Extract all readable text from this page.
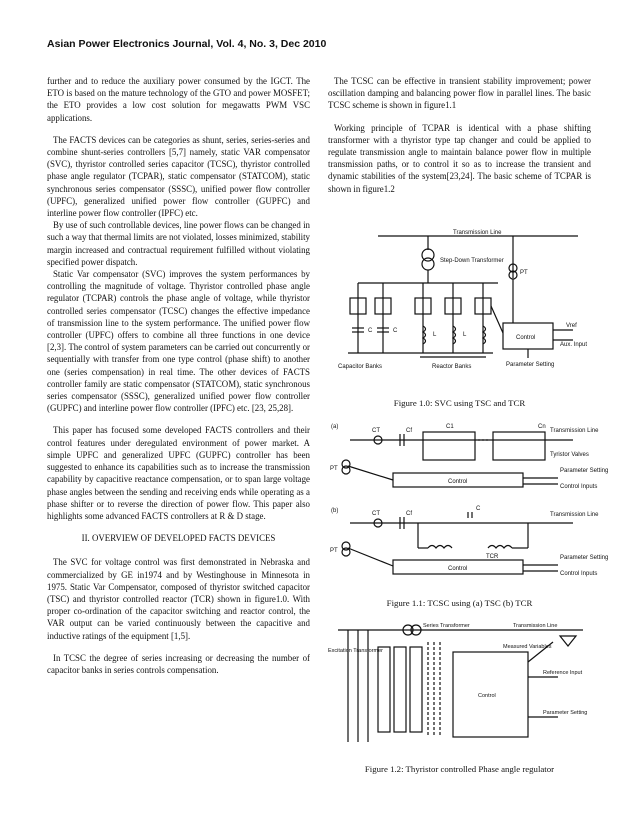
Asian Power Electronics Journal, Vol. 4, No. 3, Dec 2010

further and to reduce the auxiliary power consumed by the IGCT. The ETO is based on the mature technology of the GTO and power MOSFET; the ETO provides a low cost solution for megawatts PWM VSC applications.

The FACTS devices can be categories as shunt, series, series-series and combine shunt-series controllers [5,7] namely, static VAR compensator (SVC), thyristor controlled series capacitor (TCSC), thyristor controlled phase angle regulator (TCPAR), static compensator (STATCOM), static synchronous series compensator (SSSC), unified power flow controller (UPFC), generalized unified power flow controller (GUPFC) and interline power flow controller (IPFC) etc.

By use of such controllable devices, line power flows can be changed in such a way that thermal limits are not violated, losses minimized, stability margin increased and contractual requirement fulfilled without violating specified power dispatch.

Static Var compensator (SVC) improves the system performances by controlling the magnitude of voltage. Thyristor controlled phase angle regulator (TCPAR) controls the phase angle of voltage, while thyristor controlled series compensator (TCSC) changes the effective impedance of transmission line to the system performance. The unified power flow controller (UPFC) offers to combine all three functions in one device [2,3]. The control of system parameters can be carried out concurrently or sequentially with transfer from one type control (phase shift) to another one (series compensation) in real time. The other devices of FACTS controller family are static compensator (STATCOM), static synchronous series compensator (SSSC), generalized unified power flow controller (GUPFC) and interline power flow controller (IPFC) etc. [23, 25,28].

This paper has focused some developed FACTS controllers and their control features under deregulated environment of power market. A simple UPFC and generalized UPFC (GUPFC) controller has been suggested to enhance its capabilities such as to increase the transmission capability by capacitive reactance compensation, or to span large voltage phase angles between the sending and receiving ends while operating as a phase shifter or to reverse the direction of power flow. This paper also highlights some advanced FACTS controllers at R & D stage.

II. OVERVIEW OF DEVELOPED FACTS DEVICES

The SVC for voltage control was first demonstrated in Nebraska and commercialized by GE in1974 and by Westinghouse in Minnesota in 1975. Static Var Compensator, composed of thyristor switched capacitor (TSC) and thyristor controlled reactor (TCR) shown in figure1.0. With proper co-ordination of the capacitor switching and reactor control, the VAR output can be varied continuously between the capacitive and inductive ratings of the equipment [1,5].

In TCSC the degree of series increasing or decreasing the number of capacitor banks in series controls compensation.

The TCSC can be effective in transient stability improvement; power oscillation damping and balancing power flow in parallel lines. The basic TCSC scheme is shown in figure1.1

Working principle of TCPAR is identical with a phase shifting transformer with a thyristor type tap changer and could be applied to regulate transmission angle to maintain balance power flow in multiple transmission paths, or to control it so as to increase the transient and dynamic stabilities of the system[23,24]. The basic scheme of TCPAR is shown in figure1.2

Transmission Line
Step-Down Transformer
PT
Control
Vref
Aux. Input
Parameter Setting
Capacitor Banks	Reactor Banks
C	C
L	L
Figure 1.0: SVC using TSC and TCR
(a)
CT	Cf
C1	Cn
Transmission Line
Tyristor Valves
PT
Control
Parameter Setting
Control Inputs
(b)	CT	Cf
C
Transmission Line
TCR
PT
Control
Parameter Setting
Control Inputs
Figure 1.1: TCSC using (a) TSC (b) TCR
Series Transformer	Transmission Line
Excitation Transformer
Control
Measured Variables
Reference Input
Parameter Setting
Figure 1.2: Thyristor controlled Phase angle regulator
